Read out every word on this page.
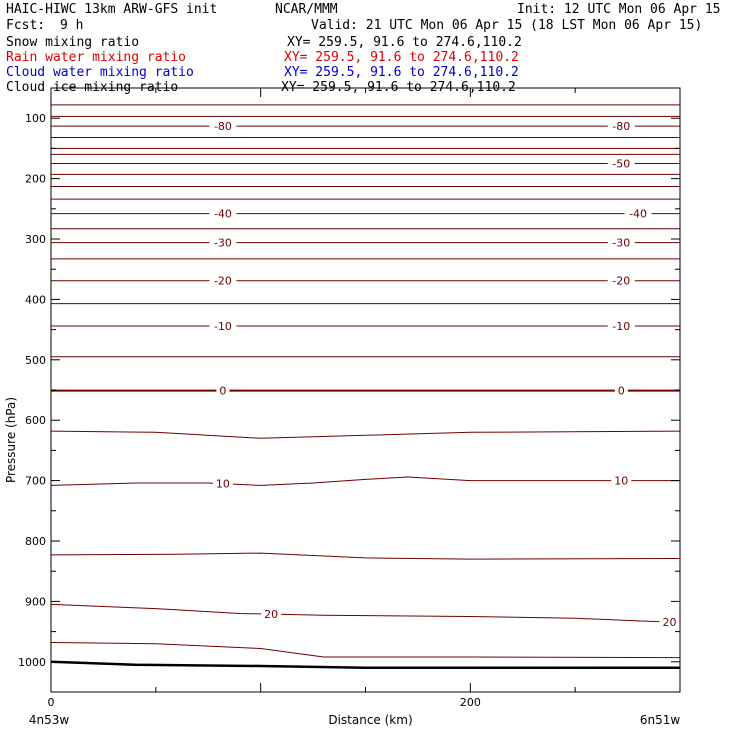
HAIC-HIWC 13km ARW-GFS init	NCAR/MMM	Init: 12 UTC Mon 06 Apr 15
Fcst: 9 h	Valid: 21 UTC Mon 06 Apr 15 (18 LST Mon 06 Apr 15)
Snow mixing ratio	XY= 259.5, 91.6 to 274.6,110.2
Rain water mixing ratio	XY= 259.5, 91.6 to 274.6,110.2
Cloud water mixing ratio	XY= 259.5, 91.6 to 274.6,110.2
Cloud ice mixing ratio	XY= 259.5, 91.6 to 274.6,110.2
100
200
300
400
500
600
700
800
900
1000
0	200
Distance (km)
Pressure (hPa)
4n53w	6n51w
-80	-80
-50
-40	-40
-30	-30
-20	-20
-10	-10
0	0
10	10
20
20
